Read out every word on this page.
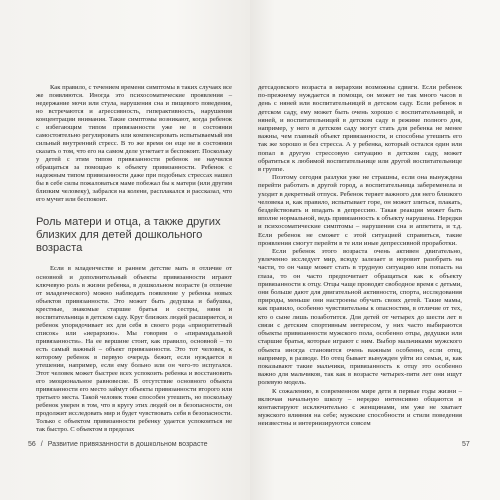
Как правило, с течением времени симптомы в таких случаях все же появляются. Иногда это психосоматические проявления – недержание мочи или стула, нарушения сна и пищевого поведения, но встречаются и агрессивность, гиперактивность, нарушения концентрации внимания. Такие симптомы возникают, когда ребенок с избегающим типом привязанности уже не в состоянии самостоятельно регулировать или компенсировать испытываемый им сильный внутренний стресс. В то же время он еще не в состоянии сказать о том, что его на самом деле угнетает и беспокоит. Поскольку у детей с этим типом привязанности ребенок не научился обращаться за помощью к объекту привязанности. Ребенок с надежным типом привязанности даже при подобных стрессах нашел бы в себе силы пожаловаться маме побежал бы к матери (или другим близким человеку), забрался на колени, расплакался и рассказал, что его мучит или беспокоит.

Роль матери и отца, а также других близких для детей дошкольного возраста

Если в младенчестве и раннем детстве мать в отличие от основной и дополнительный объекты привязанности играют ключевую роль в жизни ребенка, в дошкольном возрасте (в отличие от младенческого) можно наблюдать появление у ребенка новых объектов привязанности. Это может быть дедушка и бабушка, крестные, знакомые старшие братья и сестры, няня и воспитательница в детском саду. Круг близких людей расширяется, и ребенок упорядочивает их для себя в своего рода «приоритетный список» или «иерархию». Мы говорим о «пирамидальной привязанности». На ее вершине стоит, как правило, основной – то есть самый важный – объект привязанности. Это тот человек, к которому ребенок в первую очередь бежит, если нуждается в утешении, например, если ему больно или он чего-то испугался. Этот человек может быстрее всех успокоить ребенка и восстановить его эмоциональное равновесие. В отсутствие основного объекта привязанности его место займут объекты привязанности второго или третьего места. Такой человек тоже способен утешить, но поскольку ребенок уверен в том, что в кругу этих людей он в безопасности, он продолжит исследовать мир и будет чувствовать себя в безопасности. Только с объектом привязанности ребенку удается успокоиться не так быстро. С объектом в пределах

56 / Развитие привязанности в дошкольном возрасте

детсадовского возраста в иерархии возможны сдвиги. Если ребенок по-прежнему нуждается в помощи, он может не так много часов в день с няней или воспитательницей в детском саду. Если ребенок в детском саду, ему может быть очень хорошо с воспитательницей, и няней, и воспитательницей в детском саду в режиме полного дня, например, у него в детском саду могут стать для ребенка не менее важны, чем главный объект привязанности, и способны утешить его так же хорошо и без стресса. А у ребенка, который остался один или попал в другую стрессовую ситуацию в детском саду, может обратиться к любимой воспитательнице или другой воспитательнице в группе.

Поэтому сегодня разлуки уже не страшны, если она вынуждена перейти работать в другой город, а воспитательница забеременела и уходит в декретный отпуск. Ребенок теряет важного для него близкого человека и, как правило, испытывает горе, он может злиться, плакать, бездействовать и впадать в депрессию. Такая реакция может быть вполне нормальной, ведь привязанность к объекту нарушена. Нередки и психосоматические симптомы – нарушения сна и аппетита, и т.д. Если ребенок не сможет с этой ситуацией справиться, такие проявления смогут перейти в те или иные депрессивной проработки.

Если ребенок этого возраста очень активен двигательно, увлеченно исследует мир, всюду залезает и норовит разобрать на части, то он чаще может стать в трудную ситуацию или попасть на глаза, то он часто предпочитает обращаться как к объекту привязанности к отцу. Отцы чаще проводят свободное время с детьми, они больше дают для двигательной активности, спорта, исследования природы, меньше они настроены обучать своих детей. Такие мамы, как правило, особенно чувствительны к опасностям, в отличие от тех, кто о сыне лишь позаботится. Для детей от четырех до шести лет в связи с детским спортивным интересом, у них часто выбираются объекты привязанности мужского пола, особенно отцы, дедушки или старшие братья, которые играют с ним. Выбор мальчиками мужского объекта иногда становится очень важным особенно, если отец, например, в разводе. Но отец бывает вынужден уйти из семьи, и, как показывают такие мальчики, привязанность к отцу это особенно важно для мальчиков, так как в возрасте четырех-пяти лет они ищут ролевую модель.

К сожалению, в современном мире дети в первые годы жизни – включая начальную школу – нередко интенсивно общаются и контактируют исключительно с женщинами, им уже не хватает мужского влияния на себе; мужские способности и стили поведения неизвестны и интернизируются совсем

57
